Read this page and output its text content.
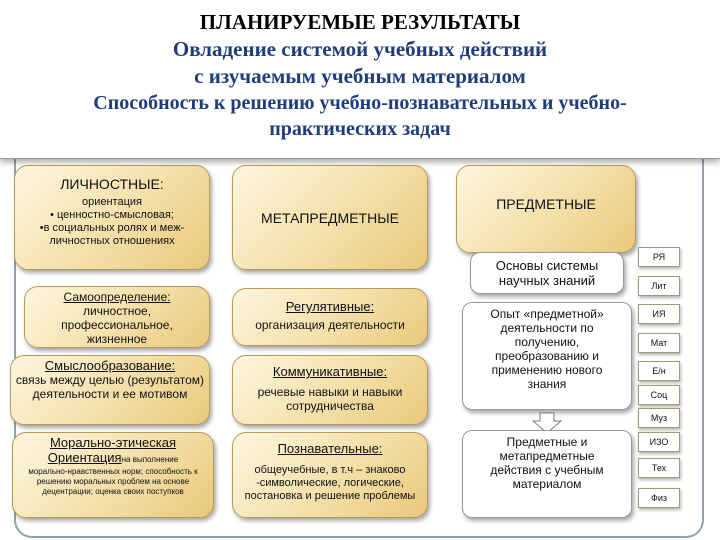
ПЛАНИРУЕМЫЕ РЕЗУЛЬТАТЫ
Овладение системой учебных действий
с изучаемым учебным материалом
Способность к решению учебно-познавательных и учебно-
практических задач
ЛИЧНОСТНЫЕ:
ориентация
• ценностно-смысловая;
•в социальных ролях и меж-
личностных отношениях
Самоопределение:
личностное, профессиональное, жизненное
Смыслообразование:
связь между целью (результатом) деятельности и ее мотивом
Морально-этическая
Ориентацияна выполнение
морально-нравственных норм; способность к решению моральных проблем на основе децентрации; оценка своих поступков
МЕТАПРЕДМЕТНЫЕ
Регулятивные:
организация деятельности
Коммуникативные:
речевые навыки и навыки сотрудничества
Познавательные:
общеучебные, в т.ч – знаково -символические, логические, постановка и решение проблемы
ПРЕДМЕТНЫЕ
Основы системы научных знаний
Опыт «предметной» деятельности по получению, преобразованию и применению нового знания
Предметные и метапредметные действия с учебным материалом
РЯ
Лит
ИЯ
Мат
Е/н
Соц
Муз
ИЗО
Тех
Физ
